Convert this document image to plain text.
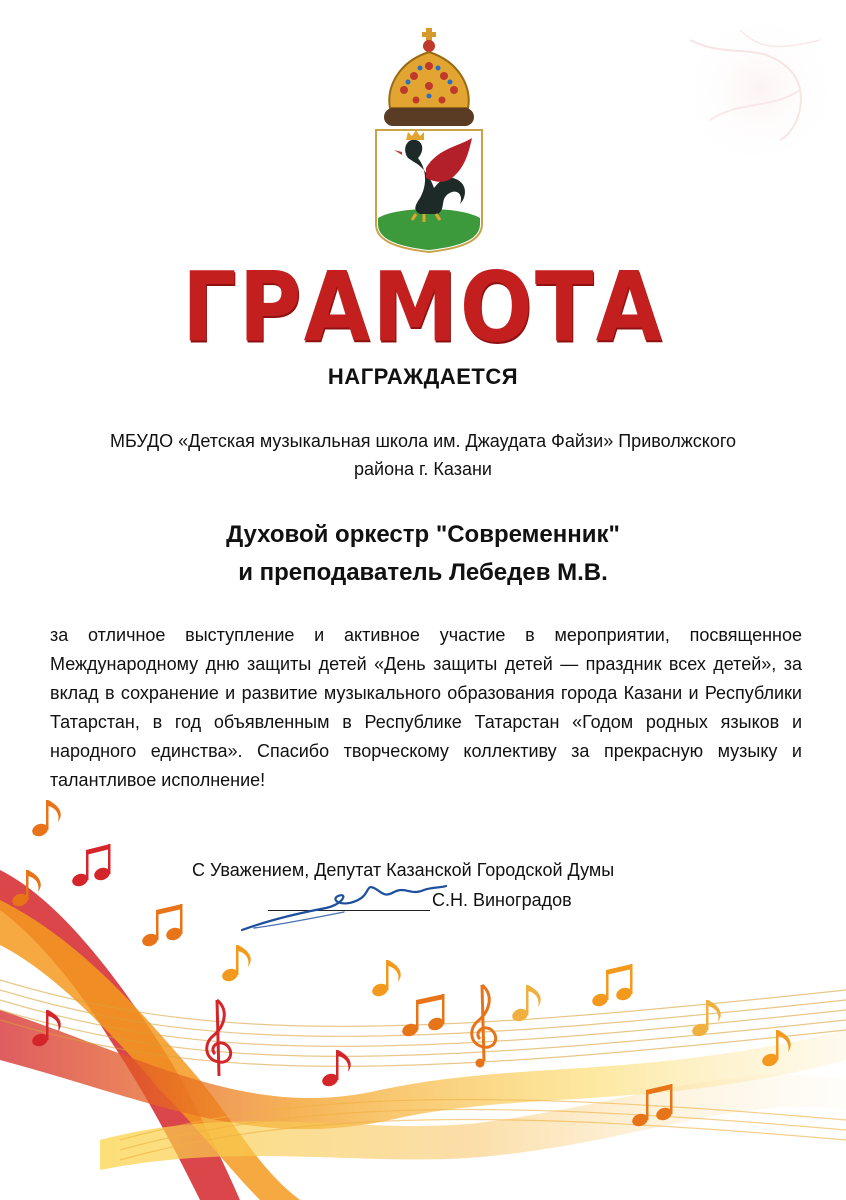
ГРАМОТА
НАГРАЖДАЕТСЯ
МБУДО «Детская музыкальная школа им. Джаудата Файзи» Приволжского
района г. Казани
Духовой оркестр "Современник"
и преподаватель Лебедев М.В.
за отличное выступление и активное участие в мероприятии, посвященное Международному дню защиты детей «День защиты детей — праздник всех детей», за вклад в сохранение и развитие музыкального образования города Казани и Республики Татарстан, в год объявленным в Республике Татарстан «Годом родных языков и народного единства». Спасибо творческому коллективу за прекрасную музыку и талантливое исполнение!
С Уважением, Депутат Казанской Городской Думы
С.Н. Виноградов
